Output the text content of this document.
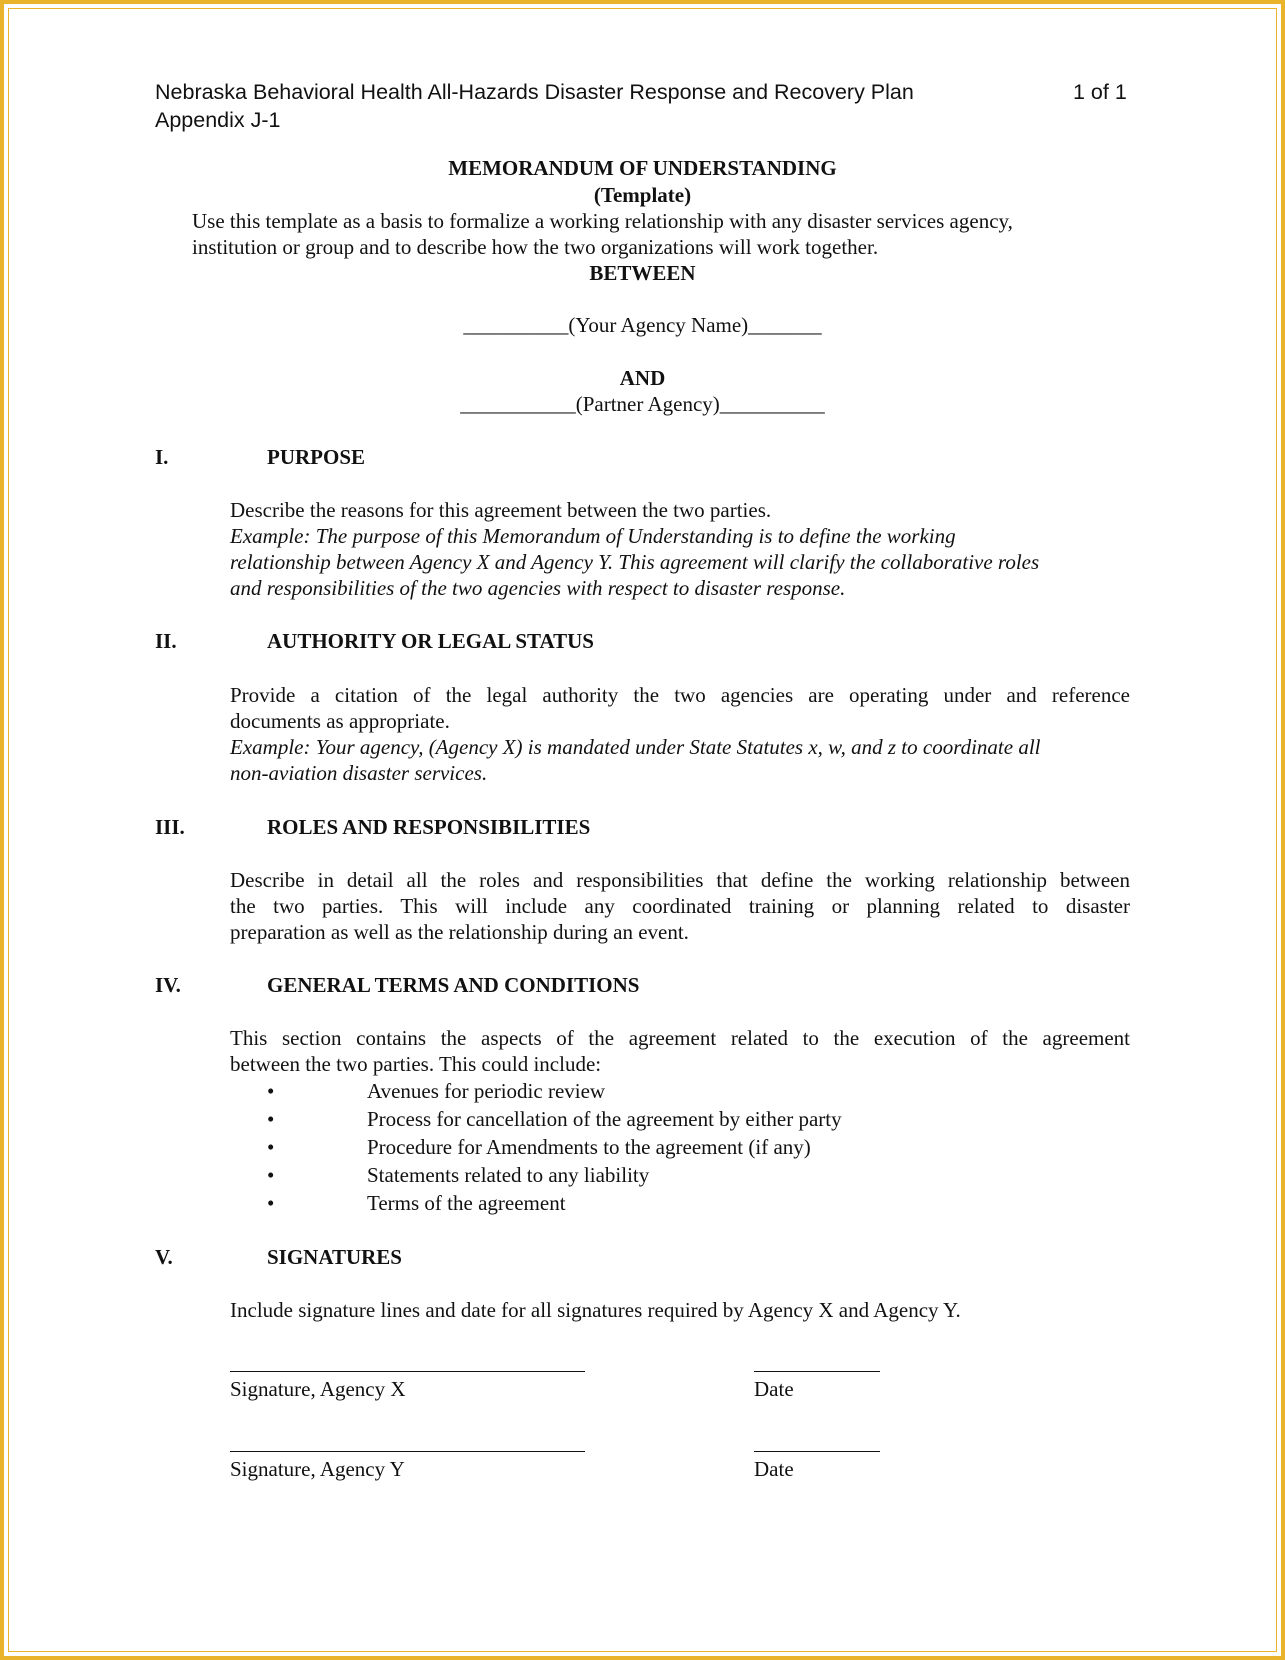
Nebraska Behavioral Health All-Hazards Disaster Response and Recovery Plan	1 of 1
Appendix J-1
MEMORANDUM OF UNDERSTANDING
(Template)
Use this template as a basis to formalize a working relationship with any disaster services agency,
institution or group and to describe how the two organizations will work together.
BETWEEN
__________(Your Agency Name)_______
AND
___________(Partner Agency)__________
I.	PURPOSE
Describe the reasons for this agreement between the two parties.
Example: The purpose of this Memorandum of Understanding is to define the working
relationship between Agency X and Agency Y. This agreement will clarify the collaborative roles
and responsibilities of the two agencies with respect to disaster response.
II.	AUTHORITY OR LEGAL STATUS
Provide a citation of the legal authority the two agencies are operating under and reference
documents as appropriate.
Example: Your agency, (Agency X) is mandated under State Statutes x, w, and z to coordinate all
non-aviation disaster services.
III.	ROLES AND RESPONSIBILITIES
Describe in detail all the roles and responsibilities that define the working relationship between
the two parties. This will include any coordinated training or planning related to disaster
preparation as well as the relationship during an event.
IV.	GENERAL TERMS AND CONDITIONS
This section contains the aspects of the agreement related to the execution of the agreement
between the two parties. This could include:
•	Avenues for periodic review
•	Process for cancellation of the agreement by either party
•	Procedure for Amendments to the agreement (if any)
•	Statements related to any liability
•	Terms of the agreement
V.	SIGNATURES
Include signature lines and date for all signatures required by Agency X and Agency Y.
Signature, Agency X	Date
Signature, Agency Y	Date
